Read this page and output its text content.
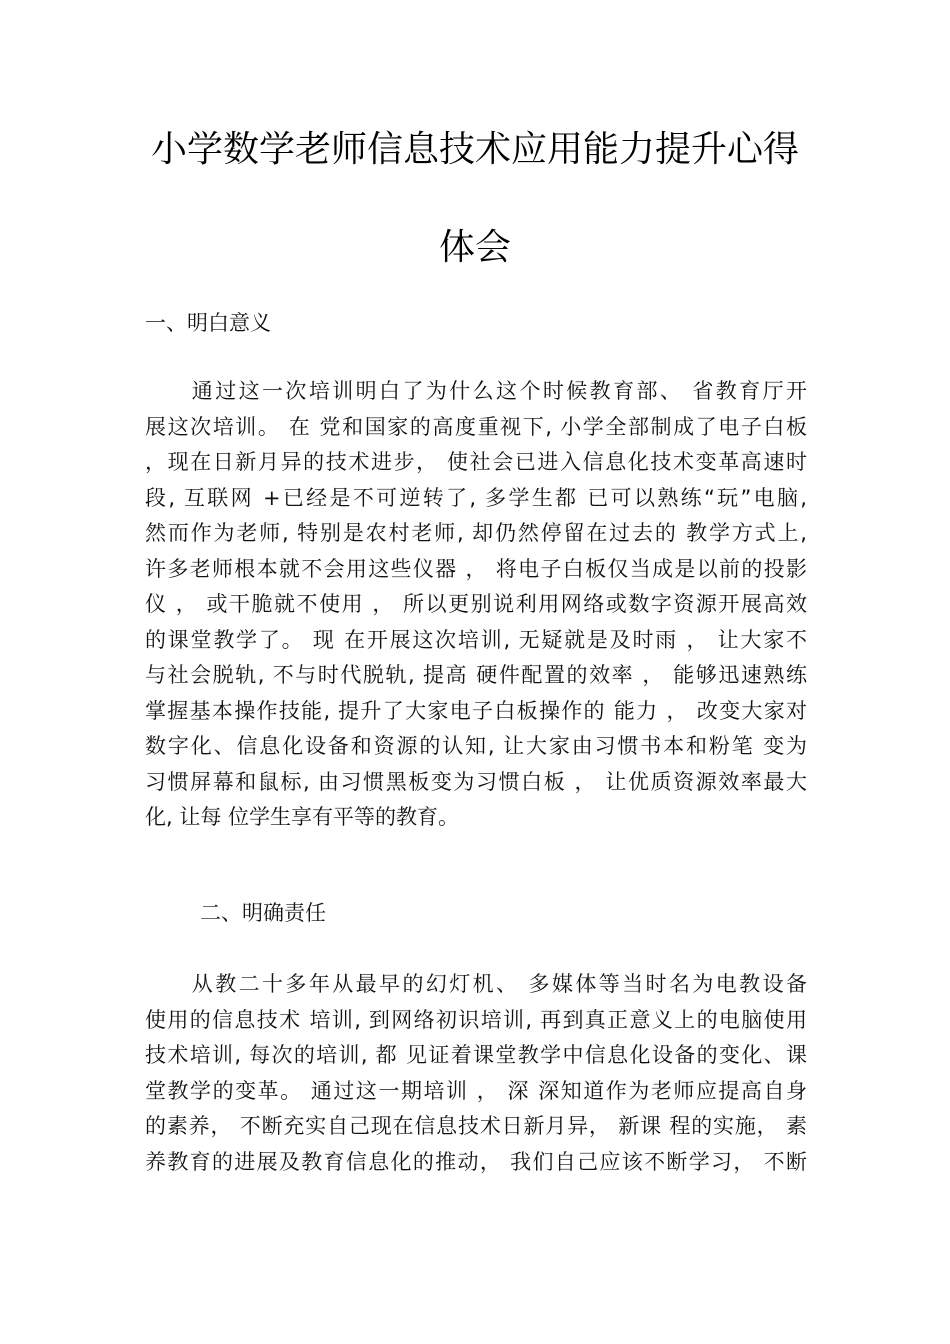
小学数学老师信息技术应用能力提升心得
体会
一、明白意义
　　通过这一次培训明白了为什么这个时候教育部、 省教育厅开
展这次培训。 在 党和国家的高度重视下, 小学全部制成了电子白板
，现在日新月异的技术进步， 使社会已进入信息化技术变革高速时
段, 互联网 +已经是不可逆转了, 多学生都 已可以熟练“玩”电脑,
然而作为老师, 特别是农村老师, 却仍然停留在过去的 教学方式上,
许多老师根本就不会用这些仪器 ， 将电子白板仅当成是以前的投影
仪 ， 或干脆就不使用 ， 所以更别说利用网络或数字资源开展高效
的课堂教学了。 现 在开展这次培训, 无疑就是及时雨 ， 让大家不
与社会脱轨, 不与时代脱轨, 提高 硬件配置的效率 ， 能够迅速熟练
掌握基本操作技能, 提升了大家电子白板操作的 能力 ， 改变大家对
数字化、信息化设备和资源的认知, 让大家由习惯书本和粉笔 变为
习惯屏幕和鼠标, 由习惯黑板变为习惯白板 ， 让优质资源效率最大
化, 让每 位学生享有平等的教育。
二、明确责任
　　从教二十多年从最早的幻灯机、 多媒体等当时名为电教设备
使用的信息技术 培训, 到网络初识培训, 再到真正意义上的电脑使用
技术培训, 每次的培训, 都 见证着课堂教学中信息化设备的变化、课
堂教学的变革。 通过这一期培训 ， 深 深知道作为老师应提高自身
的素养， 不断充实自己现在信息技术日新月异， 新课 程的实施， 素
养教育的进展及教育信息化的推动， 我们自己应该不断学习， 不断
